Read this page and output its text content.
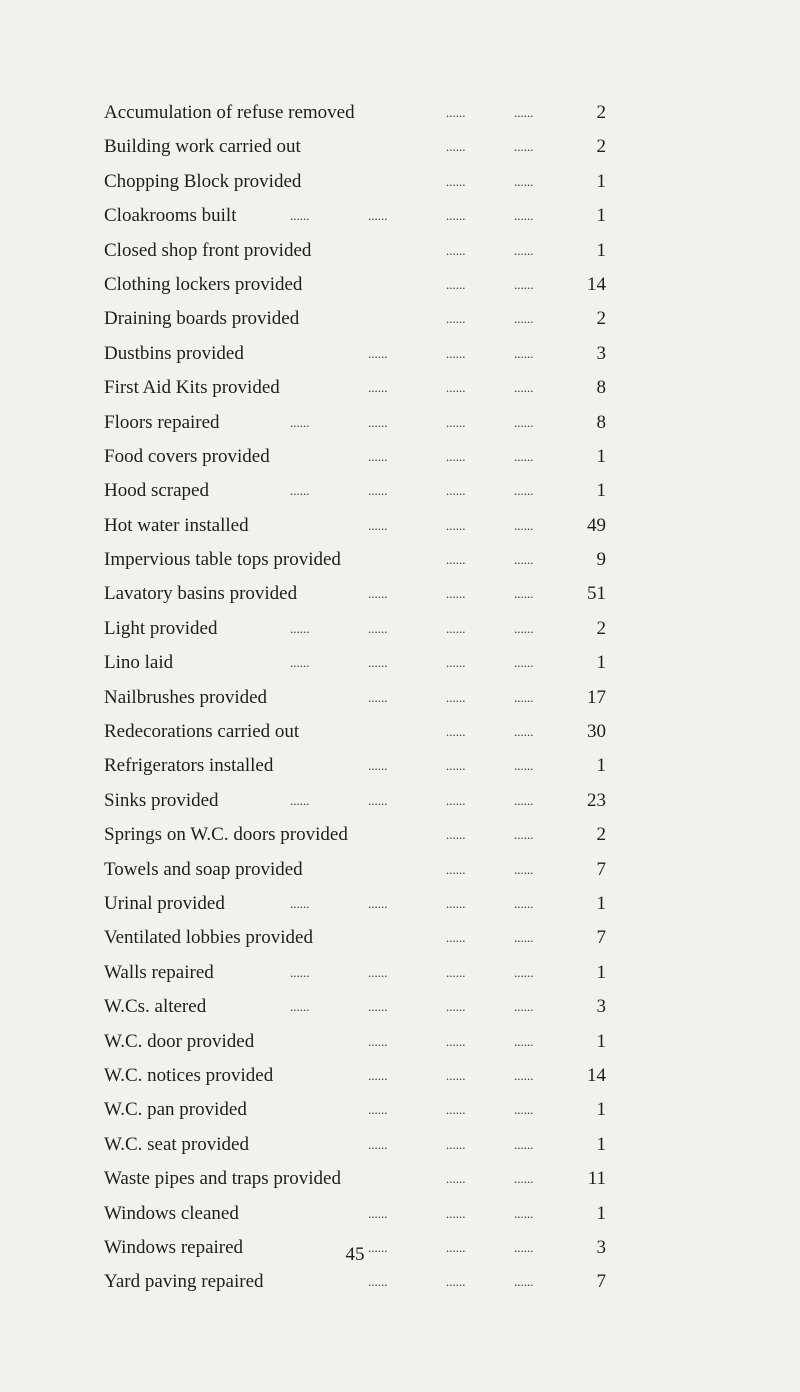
Accumulation of refuse removed	......	......	2
Building work carried out	......	......	2
Chopping Block provided	......	......	1
Cloakrooms built	......	......	......	......	1
Closed shop front provided	......	......	1
Clothing lockers provided	......	......	14
Draining boards provided	......	......	2
Dustbins provided	......	......	......	3
First Aid Kits provided	......	......	......	8
Floors repaired	......	......	......	......	8
Food covers provided	......	......	......	1
Hood scraped	......	......	......	......	1
Hot water installed	......	......	......	49
Impervious table tops provided	......	......	9
Lavatory basins provided	......	......	......	51
Light provided	......	......	......	......	2
Lino laid	......	......	......	......	1
Nailbrushes provided	......	......	......	17
Redecorations carried out	......	......	30
Refrigerators installed	......	......	......	1
Sinks provided	......	......	......	......	23
Springs on W.C. doors provided	......	......	2
Towels and soap provided	......	......	7
Urinal provided	......	......	......	......	1
Ventilated lobbies provided	......	......	7
Walls repaired	......	......	......	......	1
W.Cs. altered	......	......	......	......	3
W.C. door provided	......	......	......	1
W.C. notices provided	......	......	......	14
W.C. pan provided	......	......	......	1
W.C. seat provided	......	......	......	1
Waste pipes and traps provided	......	......	11
Windows cleaned	......	......	......	1
Windows repaired	......	......	......	3
Yard paving repaired	......	......	......	7
45
